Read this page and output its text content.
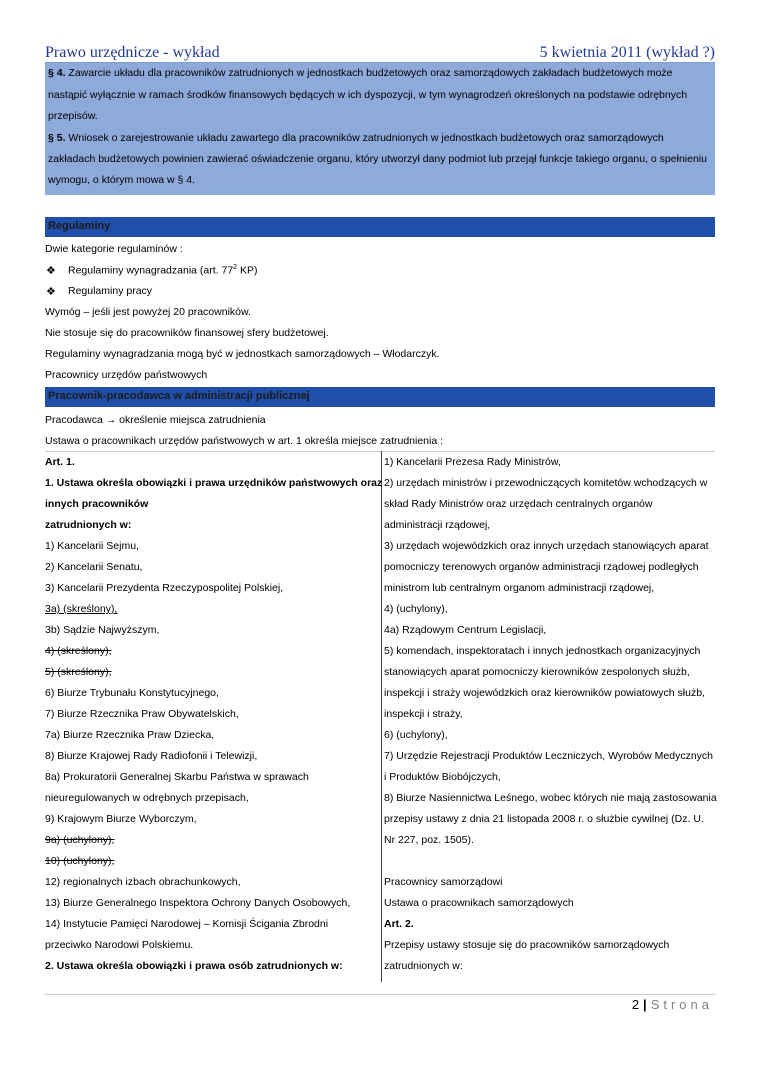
Prawo urzędnicze - wykład	5 kwietnia 2011 (wykład ?)
§ 4. Zawarcie układu dla pracowników zatrudnionych w jednostkach budżetowych oraz samorządowych zakładach budżetowych może
nastąpić wyłącznie w ramach środków finansowych będących w ich dyspozycji, w tym wynagrodzeń określonych na podstawie odrębnych
przepisów.
§ 5. Wniosek o zarejestrowanie układu zawartego dla pracowników zatrudnionych w jednostkach budżetowych oraz samorządowych
zakładach budżetowych powinien zawierać oświadczenie organu, który utworzył dany podmiot lub przejął funkcje takiego organu, o spełnieniu
wymogu, o którym mowa w § 4.
Regulaminy
Dwie kategorie regulaminów :
❖ Regulaminy wynagradzania (art. $77^2$ KP)
❖ Regulaminy pracy
Wymóg – jeśli jest powyżej 20 pracowników.
Nie stosuje się do pracowników finansowej sfery budżetowej.
Regulaminy wynagradzania mogą być w jednostkach samorządowych – Włodarczyk.
Pracownicy urzędów państwowych
Pracownik-pracodawca w administracji publicznej
Pracodawca → określenie miejsca zatrudnienia
Ustawa o pracownikach urzędów państwowych w art. 1 określa miejsce zatrudnienia :
Art. 1.
1. Ustawa określa obowiązki i prawa urzędników państwowych oraz
innych pracowników
zatrudnionych w:
1) Kancelarii Sejmu,
2) Kancelarii Senatu,
3) Kancelarii Prezydenta Rzeczypospolitej Polskiej,
3a) (skreślony),
3b) Sądzie Najwyższym,
4) (skreślony),
5) (skreślony),
6) Biurze Trybunału Konstytucyjnego,
7) Biurze Rzecznika Praw Obywatelskich,
7a) Biurze Rzecznika Praw Dziecka,
8) Biurze Krajowej Rady Radiofonii i Telewizji,
8a) Prokuratorii Generalnej Skarbu Państwa w sprawach
nieuregulowanych w odrębnych przepisach,
9) Krajowym Biurze Wyborczym,
9a) (uchylony),
10) (uchylony),
12) regionalnych izbach obrachunkowych,
13) Biurze Generalnego Inspektora Ochrony Danych Osobowych,
14) Instytucie Pamięci Narodowej – Komisji Ścigania Zbrodni
przeciwko Narodowi Polskiemu.
2. Ustawa określa obowiązki i prawa osób zatrudnionych w:
1) Kancelarii Prezesa Rady Ministrów,
2) urzędach ministrów i przewodniczących komitetów wchodzących w
skład Rady Ministrów oraz urzędach centralnych organów
administracji rządowej,
3) urzędach wojewódzkich oraz innych urzędach stanowiących aparat
pomocniczy terenowych organów administracji rządowej podległych
ministrom lub centralnym organom administracji rządowej,
4) (uchylony),
4a) Rządowym Centrum Legislacji,
5) komendach, inspektoratach i innych jednostkach organizacyjnych
stanowiących aparat pomocniczy kierowników zespolonych służb,
inspekcji i straży wojewódzkich oraz kierowników powiatowych służb,
inspekcji i straży,
6) (uchylony),
7) Urzędzie Rejestracji Produktów Leczniczych, Wyrobów Medycznych
i Produktów Biobójczych,
8) Biurze Nasiennictwa Leśnego, wobec których nie mają zastosowania
przepisy ustawy z dnia 21 listopada 2008 r. o służbie cywilnej (Dz. U.
Nr 227, poz. 1505).
Pracownicy samorządowi
Ustawa o pracownikach samorządowych
Art. 2.
Przepisy ustawy stosuje się do pracowników samorządowych
zatrudnionych w:
2 | Strona
